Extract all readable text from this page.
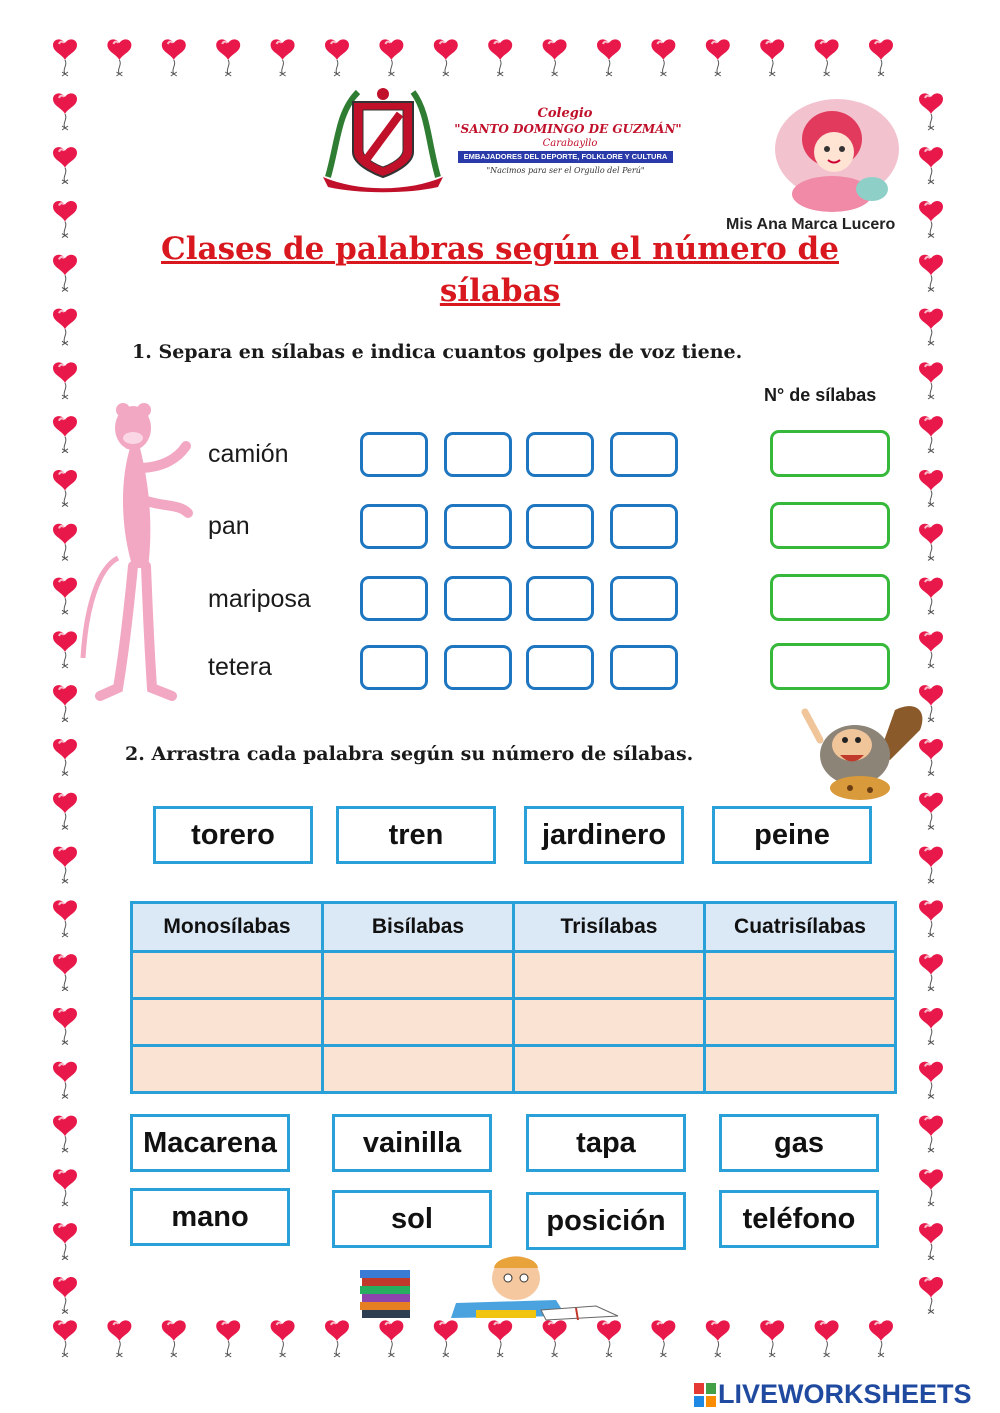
Colegio
"SANTO DOMINGO DE GUZMÁN"
Carabayllo
EMBAJADORES DEL DEPORTE, FOLKLORE Y CULTURA
"Nacimos para ser el Orgullo del Perú"
Mis Ana Marca Lucero
Clases de palabras según el número de sílabas
1. Separa en sílabas e indica cuantos golpes de voz tiene.
N° de sílabas
camión
pan
mariposa
tetera
2. Arrastra cada palabra según su número de sílabas.
torero	tren	jardinero	peine
Monosílabas	Bisílabas	Trisílabas	Cuatrisílabas

Macarena	vainilla	tapa	gas
mano	sol	posición	teléfono
LIVEWORKSHEETS
